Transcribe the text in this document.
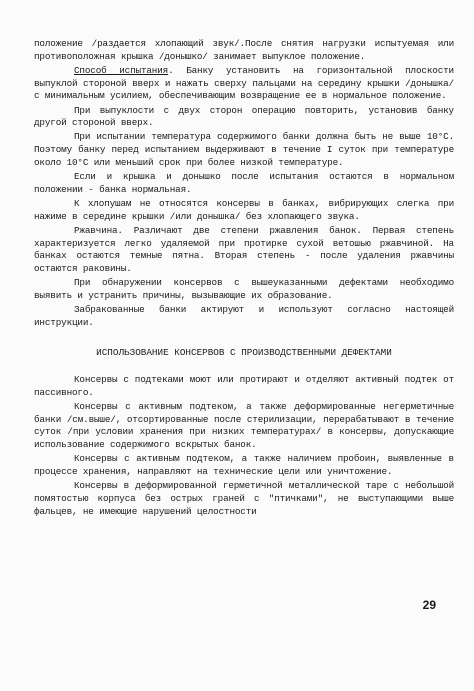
положение /раздается хлопающий звук/.После снятия нагрузки испытуемая или противоположная крышка /донышко/ занимает выпуклое положение.

Способ испытания. Банку установить на горизонтальной плоскости выпуклой стороной вверх и нажать сверху пальцами на середину крышки /донышка/ с минимальным усилием, обеспечивающим возвращение ее в нормальное положение.

При выпуклости с двух сторон операцию повторить, установив банку другой стороной вверх.

При испытании температура содержимого банки должна быть не выше 10°С. Поэтому банку перед испытанием выдерживают в течение I суток при температуре около 10°С или меньший срок при более низкой температуре.

Если и крышка и донышко после испытания остаются в нормальном положении - банка нормальная.

К хлопушам не относятся консервы в банках, вибрирующих слегка при нажиме в середине крышки /или донышка/ без хлопающего звука.

Ржавчина. Различают две степени ржавления банок. Первая степень характеризуется легко удаляемой при протирке сухой ветошью ржавчиной. На банках остаются темные пятна. Вторая степень - после удаления ржавчины остаются раковины.

При обнаружении консервов с вышеуказанными дефектами необходимо выявить и устранить причины, вызывающие их образование.

Забракованные банки актируют и используют согласно настоящей инструкции.

ИСПОЛЬЗОВАНИЕ КОНСЕРВОВ С ПРОИЗВОДСТВЕННЫМИ ДЕФЕКТАМИ

Консервы с подтеками моют или протирают и отделяют активный подтек от пассивного.

Консервы с активным подтеком, а также деформированные негерметичные банки /см.выше/, отсортированные после стерилизации, перерабатывают в течение суток /при условии хранения при низких температурах/ в консервы, допускающие использование содержимого вскрытых банок.

Консервы с активным подтеком, а также наличием пробоин, выявленные в процессе хранения, направляют на технические цели или уничтожение.

Консервы в деформированной герметичной металлической таре с небольшой помятостью корпуса без острых граней с "птичками", не выступающими выше фальцев, не имеющие нарушений целостности

29
